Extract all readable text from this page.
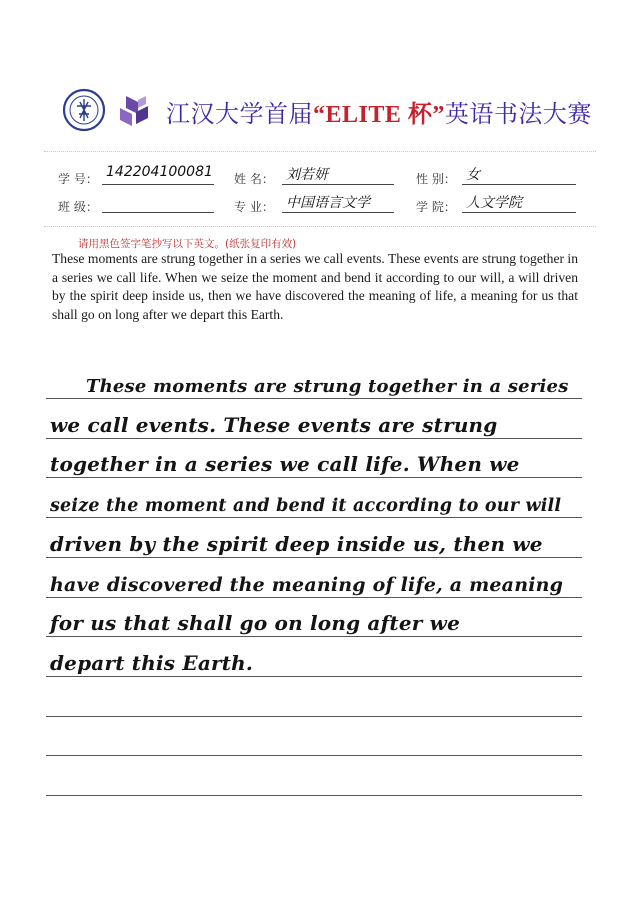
江汉大学首届“ELITE 杯”英语书法大赛
学 号： 142204100081 姓 名： 刘若妍	性 别： 女
班 级：	专 业： 中国语言文学	学 院： 人文学院
请用黑色签字笔抄写以下英文。(纸张复印有效)
These moments are strung together in a series we call events. These events are strung together in a series we call life. When we seize the moment and bend it according to our will, a will driven by the spirit deep inside us, then we have discovered the meaning of life, a meaning for us that shall go on long after we depart this Earth.
These moments are strung together in a series
we call events. These events are strung
together in a series we call life. When we
seize the moment and bend it according to our will
driven by the spirit deep inside us, then we
have discovered the meaning of life, a meaning
for us that shall go on long after we
depart this Earth.
